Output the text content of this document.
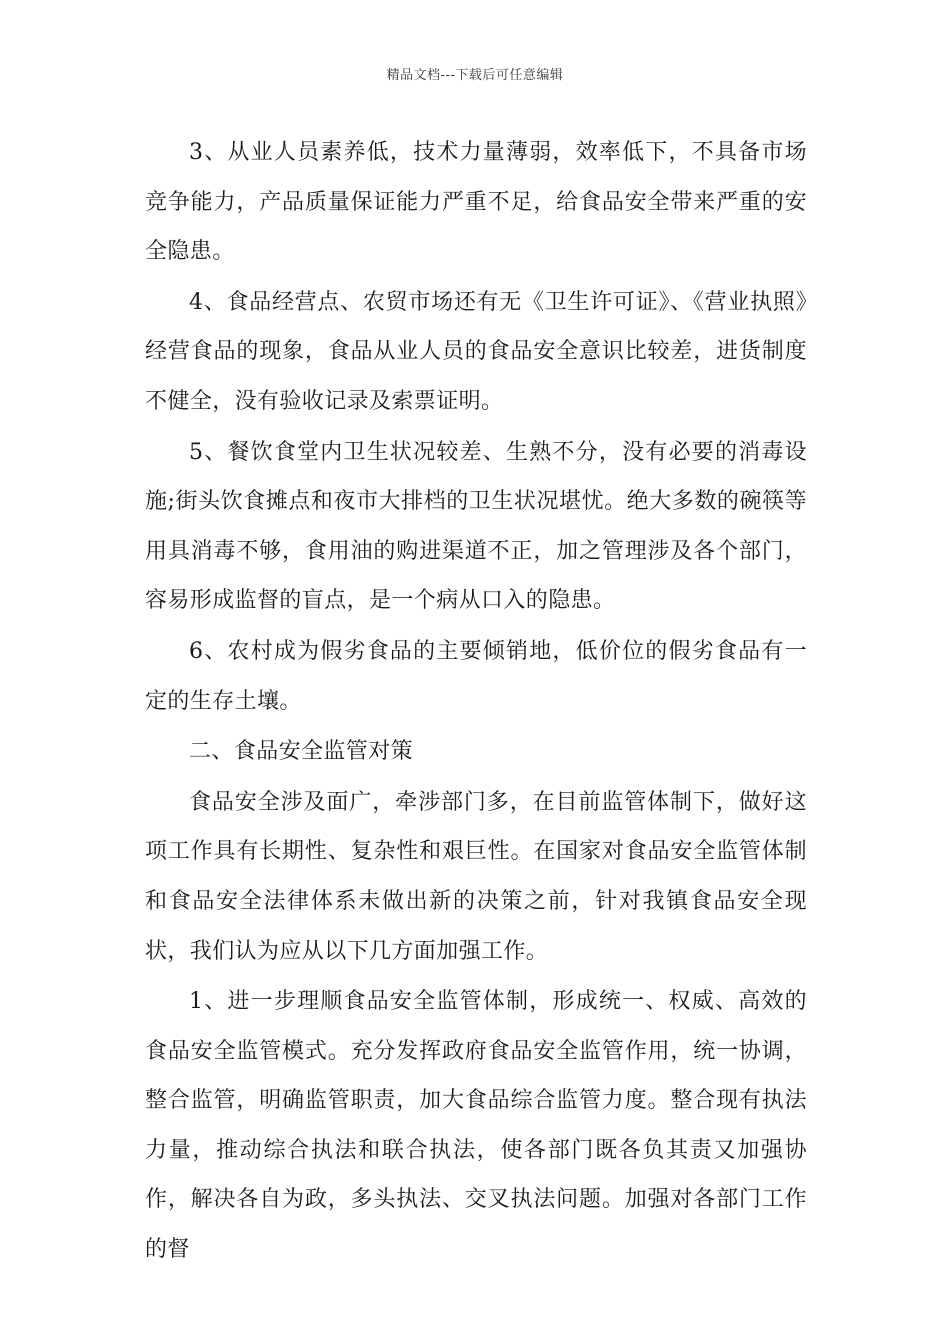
精品文档---下载后可任意编辑

3、从业人员素养低，技术力量薄弱，效率低下，不具备市场竞争能力，产品质量保证能力严重不足，给食品安全带来严重的安全隐患。

4、食品经营点、农贸市场还有无《卫生许可证》、《营业执照》经营食品的现象，食品从业人员的食品安全意识比较差，进货制度不健全，没有验收记录及索票证明。

5、餐饮食堂内卫生状况较差、生熟不分，没有必要的消毒设施;街头饮食摊点和夜市大排档的卫生状况堪忧。绝大多数的碗筷等用具消毒不够，食用油的购进渠道不正，加之管理涉及各个部门，容易形成监督的盲点，是一个病从口入的隐患。

6、农村成为假劣食品的主要倾销地，低价位的假劣食品有一定的生存土壤。

二、食品安全监管对策

食品安全涉及面广，牵涉部门多，在目前监管体制下，做好这项工作具有长期性、复杂性和艰巨性。在国家对食品安全监管体制和食品安全法律体系未做出新的决策之前，针对我镇食品安全现状，我们认为应从以下几方面加强工作。

1、进一步理顺食品安全监管体制，形成统一、权威、高效的食品安全监管模式。充分发挥政府食品安全监管作用，统一协调，整合监管，明确监管职责，加大食品综合监管力度。整合现有执法力量，推动综合执法和联合执法，使各部门既各负其责又加强协作，解决各自为政，多头执法、交叉执法问题。加强对各部门工作的督
